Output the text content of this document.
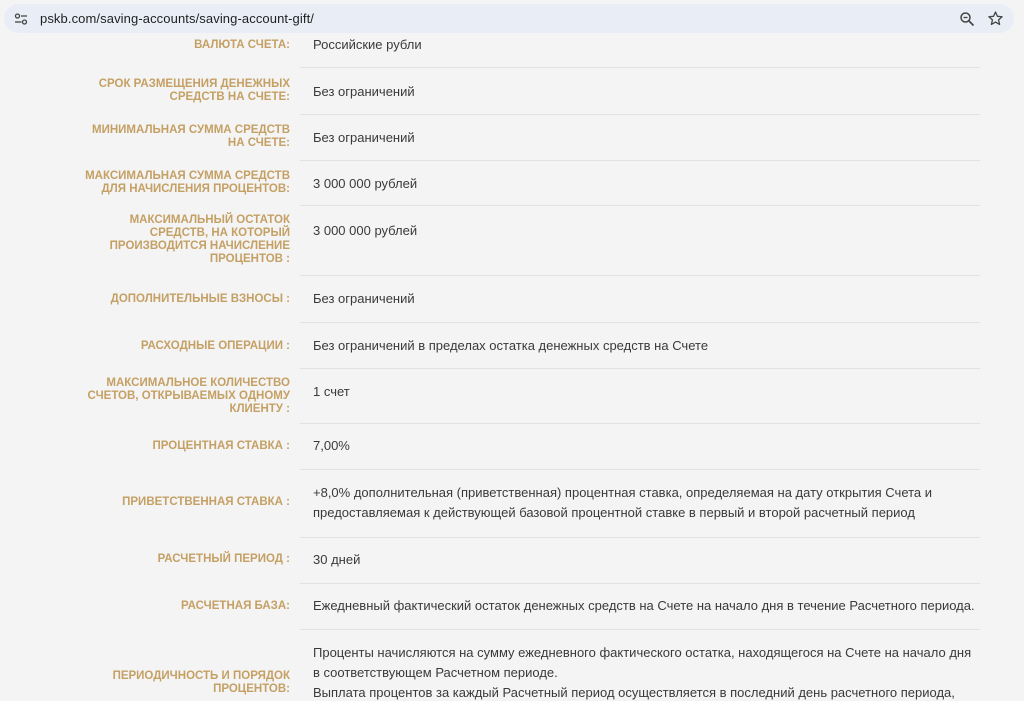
pskb.com/saving-accounts/saving-account-gift/
ВАЛЮТА СЧЕТА: Российские рубли
СРОК РАЗМЕЩЕНИЯ ДЕНЕЖНЫХ СРЕДСТВ НА СЧЕТЕ: Без ограничений
МИНИМАЛЬНАЯ СУММА СРЕДСТВ НА СЧЕТЕ: Без ограничений
МАКСИМАЛЬНАЯ СУММА СРЕДСТВ ДЛЯ НАЧИСЛЕНИЯ ПРОЦЕНТОВ: 3 000 000 рублей
МАКСИМАЛЬНЫЙ ОСТАТОК СРЕДСТВ, НА КОТОРЫЙ ПРОИЗВОДИТСЯ НАЧИСЛЕНИЕ ПРОЦЕНТОВ :
3 000 000 рублей
ДОПОЛНИТЕЛЬНЫЕ ВЗНОСЫ : Без ограничений
РАСХОДНЫЕ ОПЕРАЦИИ : Без ограничений в пределах остатка денежных средств на Счете
МАКСИМАЛЬНОЕ КОЛИЧЕСТВО СЧЕТОВ, ОТКРЫВАЕМЫХ ОДНОМУ КЛИЕНТУ :
1 счет
ПРОЦЕНТНАЯ СТАВКА : 7,00%
ПРИВЕТСТВЕННАЯ СТАВКА :
+8,0% дополнительная (приветственная) процентная ставка, определяемая на дату открытия Счета и предоставляемая к действующей базовой процентной ставке в первый и второй расчетный период
РАСЧЕТНЫЙ ПЕРИОД : 30 дней
РАСЧЕТНАЯ БАЗА: Ежедневный фактический остаток денежных средств на Счете на начало дня в течение Расчетного периода.
ПЕРИОДИЧНОСТЬ И ПОРЯДОК ПРОЦЕНТОВ:
Проценты начисляются на сумму ежедневного фактического остатка, находящегося на Счете на начало дня в соответствующем Расчетном периоде.
Выплата процентов за каждый Расчетный период осуществляется в последний день расчетного периода,
